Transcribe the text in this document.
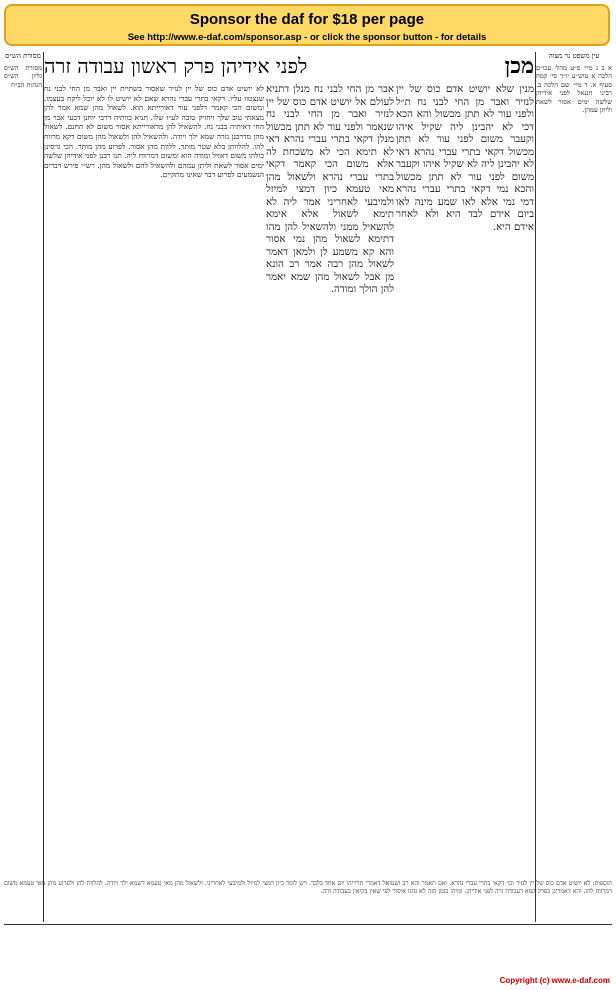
Sponsor the daf for $18 per page
See http://www.e-daf.com/sponsor.asp - or click the sponsor button - for details
לפני אידיהן פרק ראשון עבודה זרה	מכן
מסורת הש״ס
מסורת הש״ס גליון הש״ס הגהות הב״ח לא יושיט אדם כוס של יין לנזיר שאסור בשתיית יין ואבר מן החי לבני נח שנצטוו עליו. דקאי בתרי עברי נהרא שאם לא יושיט לו לא יוכל ליקח בעצמו. ומשום הכי קאמר דלפני עור דאורייתא הוא. לשאול מהן שמא אמר להן מצאתי טוב שלך ויחזיק טובה לע״ז שלו. תניא כוותיה דרבי יוחנן דבעי אבר מן החי דאיתיה בבני נח. להשאיל להן מדאורייתא אסור משום לא תחנם. לשאול מהן מדרבנן גזרה שמא ילך ויודה. ולהשאיל להן ולשאול מהן משום דקא מרווח להו. להלוותן בלא שטר מותר. ללוות מהן אסור. לפרוע מהן מותר. הכי גרסינן כולהו משום דאזיל ומודה הוא ומשום דמרווח ליה. תנו רבנן לפני אידיהן שלשה ימים אסור לשאת וליתן עמהם ולהשאיל להם ולשאול מהן. רש״י פירש דברים הנשמעים לפרוע דבר שאינו מתקיים.
אבר מן החי לבני נח מנלן דתניא לעולם אל יושיט אדם כוס של יין לנזיר ואבר מן החי לבני נח שנאמר ולפני עור לא תתן מכשול מנלן דקאי בתרי עברי נהרא דאי לא תימא הכי לא משכחת לה אלא משום הכי קאמר דקאי בתרי עברי נהרא ולשאול מהן מאי טעמא כיון דמצי למיזל ולמיבעי לאחריני אמר ליה לא תימא לשאול אלא אימא להשאיל ממני ולהשאיל להן מהו דתימא לשאול מהן נמי אסור והא קא משמע לן ולמאן דאמר לשאול מהן רבה אמר רב הונא מן אבל לשאול מהן שמא יאמר להן הולך ומודה.
מנין שלא יושיט אדם כוס של יין לנזיר ואבר מן החי לבני נח ת״ל ולפני עור לא תתן מכשול והא הכא דכי לא יהבינן ליה שקיל איהו וקעבר משום לפני עור לא תתן מכשול דקאי בתרי עברי נהרא דאי לא יהבינן ליה לא שקיל איהו וקעבר משום לפני עור לא תתן מכשול והכא נמי דקאי בתרי עברי נהרא דמי נמי אלא לאו שמע מינה לאו ביום אידם לבד היא ולא לאחר אידם היא.
עין משפט נר מצוה
א ב ג מיי׳ פ״ט מהל׳ עכו״ם הלכה א טוש״ע יו״ד סי׳ קמח סעיף א. ד מיי׳ שם הלכה ב. רבינו חננאל לפני אידיהן שלשה ימים אסור לשאת וליתן עמהן.
תוספות: לא יושיט אדם כוס של יין לנזיר וכו׳ דקאי בתרי עברי נהרא. ואם תאמר והא רב ושמואל דאמרי תרוייהו יום אחד בלבד. ויש לומר כיון דמצי למיזל ולמיבעי לאחריני. ולשאול מהן מאי טעמא דשמא ילך ויודה. להלוות להן ולפרוע מהן מאי טעמא משום דמרווח להו. והא דאמרינן בפרק קמא דעבודה זרה לפני אידיהן. ומיהו בזמן הזה לא נהגו איסור לפי שאין בקיאין בעבודה זרה.
Copyright (c) www.e-daf.com
